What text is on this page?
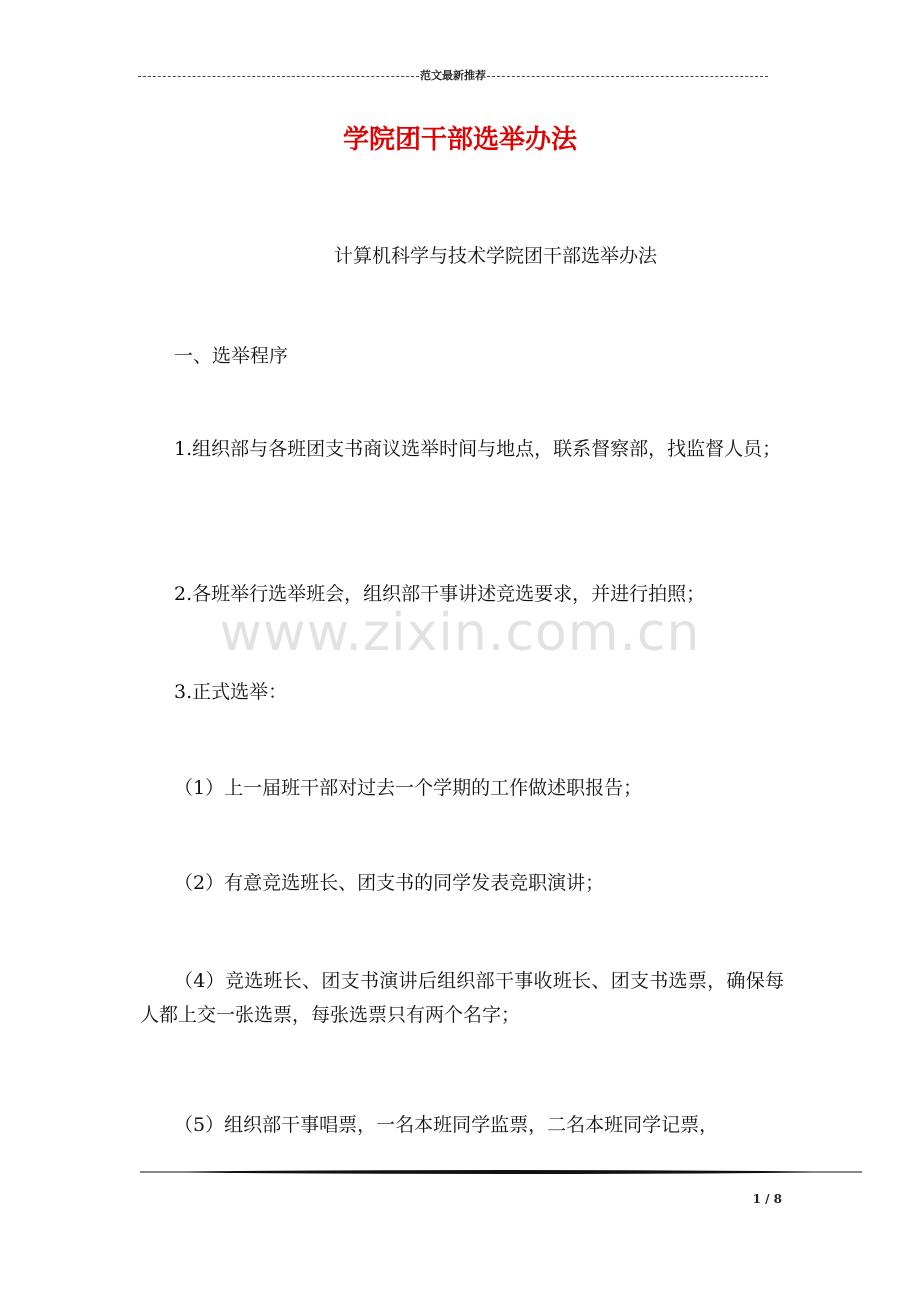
范文最新推荐
学院团干部选举办法

计算机科学与技术学院团干部选举办法

一、选举程序

1.组织部与各班团支书商议选举时间与地点，联系督察部，找监督人员；

2.各班举行选举班会，组织部干事讲述竞选要求，并进行拍照；

3.正式选举：

（1）上一届班干部对过去一个学期的工作做述职报告；

（2）有意竞选班长、团支书的同学发表竞职演讲；

（4）竞选班长、团支书演讲后组织部干事收班长、团支书选票，确保每人都上交一张选票，每张选票只有两个名字；

（5）组织部干事唱票，一名本班同学监票，二名本班同学记票，

www.zixin.com.cn
1 / 8
